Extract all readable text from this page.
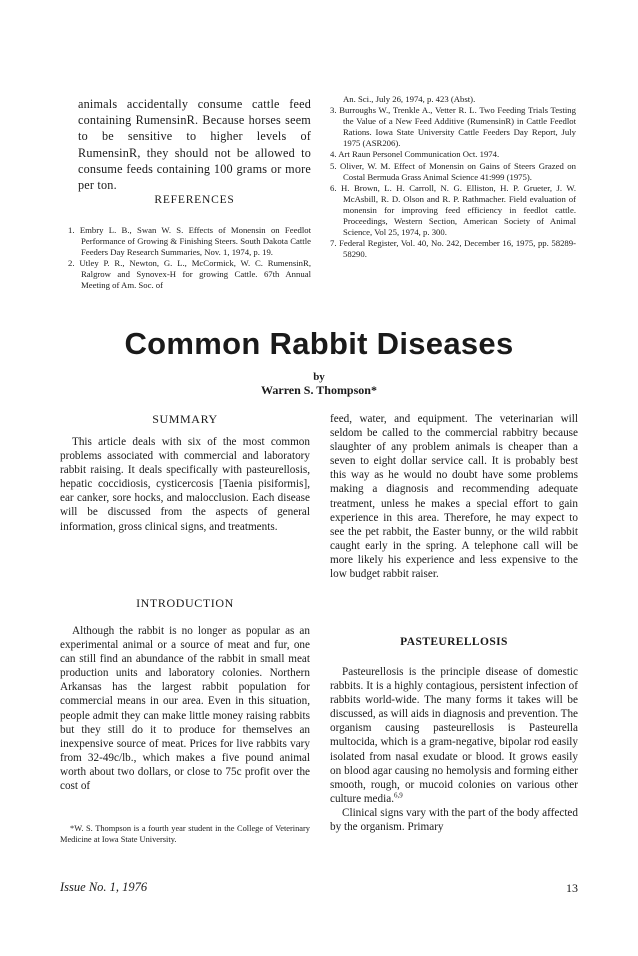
animals accidentally consume cattle feed containing RumensinR. Because horses seem to be sensitive to higher levels of RumensinR, they should not be allowed to consume feeds containing 100 grams or more per ton.
REFERENCES

1. Embry L. B., Swan W. S. Effects of Monensin on Feedlot Performance of Growing & Finishing Steers. South Dakota Cattle Feeders Day Research Summaries, Nov. 1, 1974, p. 19.

2. Utley P. R., Newton, G. L., McCormick, W. C. RumensinR, Ralgrow and Synovex-H for growing Cattle. 67th Annual Meeting of Am. Soc. of

An. Sci., July 26, 1974, p. 423 (Abst).

3. Burroughs W., Trenkle A., Vetter R. L. Two Feeding Trials Testing the Value of a New Feed Additive (RumensinR) in Cattle Feedlot Rations. Iowa State University Cattle Feeders Day Report, July 1975 (ASR206).

4. Art Raun Personel Communication Oct. 1974.

5. Oliver, W. M. Effect of Monensin on Gains of Steers Grazed on Costal Bermuda Grass Animal Science 41:999 (1975).

6. H. Brown, L. H. Carroll, N. G. Elliston, H. P. Grueter, J. W. McAsbill, R. D. Olson and R. P. Rathmacher. Field evaluation of monensin for improving feed efficiency in feedlot cattle. Proceedings, Western Section, American Society of Animal Science, Vol 25, 1974, p. 300.

7. Federal Register, Vol. 40, No. 242, December 16, 1975, pp. 58289-58290.

Common Rabbit Diseases
by
Warren S. Thompson*
SUMMARY

This article deals with six of the most common problems associated with commercial and laboratory rabbit raising. It deals specifically with pasteurellosis, hepatic coccidiosis, cysticercosis [Taenia pisiformis], ear canker, sore hocks, and malocclusion. Each disease will be discussed from the aspects of general information, gross clinical signs, and treatments.

INTRODUCTION

Although the rabbit is no longer as popular as an experimental animal or a source of meat and fur, one can still find an abundance of the rabbit in small meat production units and laboratory colonies. Northern Arkansas has the largest rabbit population for commercial means in our area. Even in this situation, people admit they can make little money raising rabbits but they still do it to produce for themselves an inexpensive source of meat. Prices for live rabbits vary from 32-49c/lb., which makes a five pound animal worth about two dollars, or close to 75c profit over the cost of

*W. S. Thompson is a fourth year student in the College of Veterinary Medicine at Iowa State University.

feed, water, and equipment. The veterinarian will seldom be called to the commercial rabbitry because slaughter of any problem animals is cheaper than a seven to eight dollar service call. It is probably best this way as he would no doubt have some problems making a diagnosis and recommending adequate treatment, unless he makes a special effort to gain experience in this area. Therefore, he may expect to see the pet rabbit, the Easter bunny, or the wild rabbit caught early in the spring. A telephone call will be more likely his experience and less expensive to the low budget rabbit raiser.

PASTEURELLOSIS

Pasteurellosis is the principle disease of domestic rabbits. It is a highly contagious, persistent infection of rabbits world-wide. The many forms it takes will be discussed, as will aids in diagnosis and prevention. The organism causing pasteurellosis is Pasteurella multocida, which is a gram-negative, bipolar rod easily isolated from nasal exudate or blood. It grows easily on blood agar causing no hemolysis and forming either smooth, rough, or mucoid colonies on various other culture media.$^{6,9}$

Clinical signs vary with the part of the body affected by the organism. Primary

Issue No. 1, 1976	13
